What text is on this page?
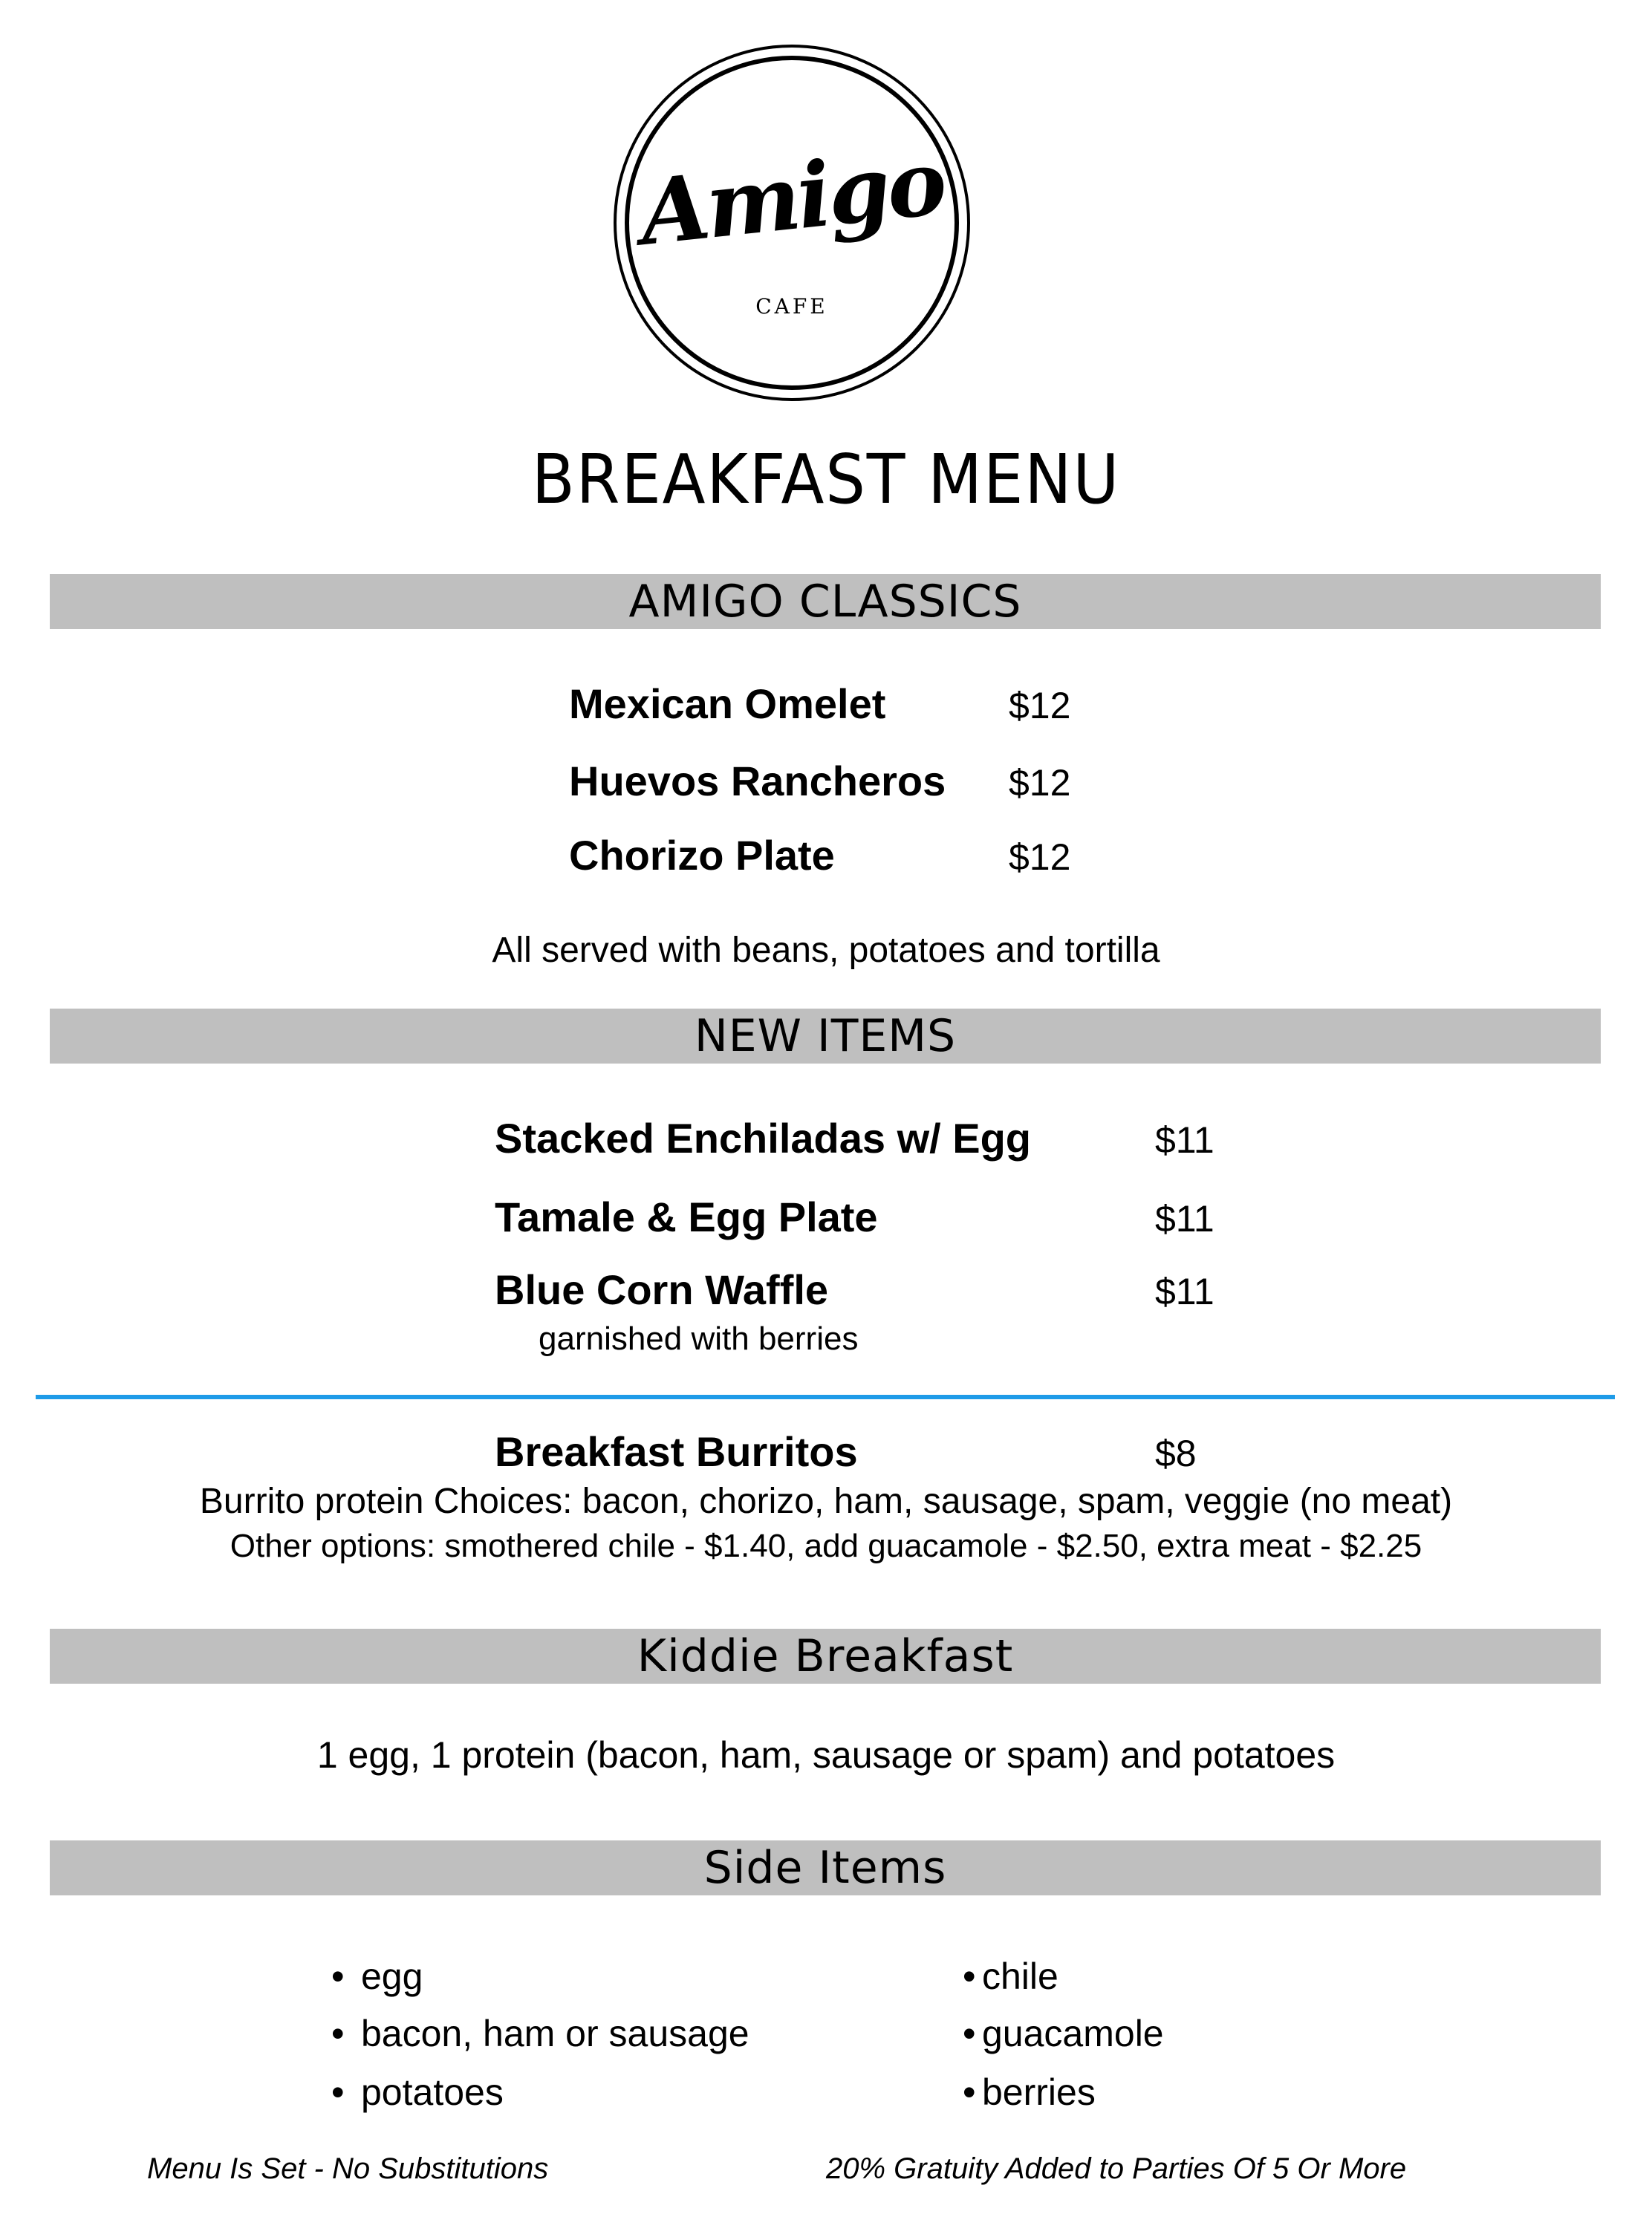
Amigo
CAFE
BREAKFAST MENU
AMIGO CLASSICS
Mexican Omelet	$12
Huevos Rancheros $12
Chorizo Plate	$12
All served with beans, potatoes and tortilla
NEW ITEMS
Stacked Enchiladas w/ Egg	$11
Tamale & Egg Plate	$11
Blue Corn Waffle	$11
garnished with berries
Breakfast Burritos	$8
Burrito protein Choices: bacon, chorizo, ham, sausage, spam, veggie (no meat)
Other options: smothered chile - $1.40, add guacamole - $2.50, extra meat - $2.25
Kiddie Breakfast
1 egg, 1 protein (bacon, ham, sausage or spam) and potatoes
Side Items
• egg
• bacon, ham or sausage
• potatoes
• chile
• guacamole
• berries
Menu Is Set - No Substitutions	20% Gratuity Added to Parties Of 5 Or More
